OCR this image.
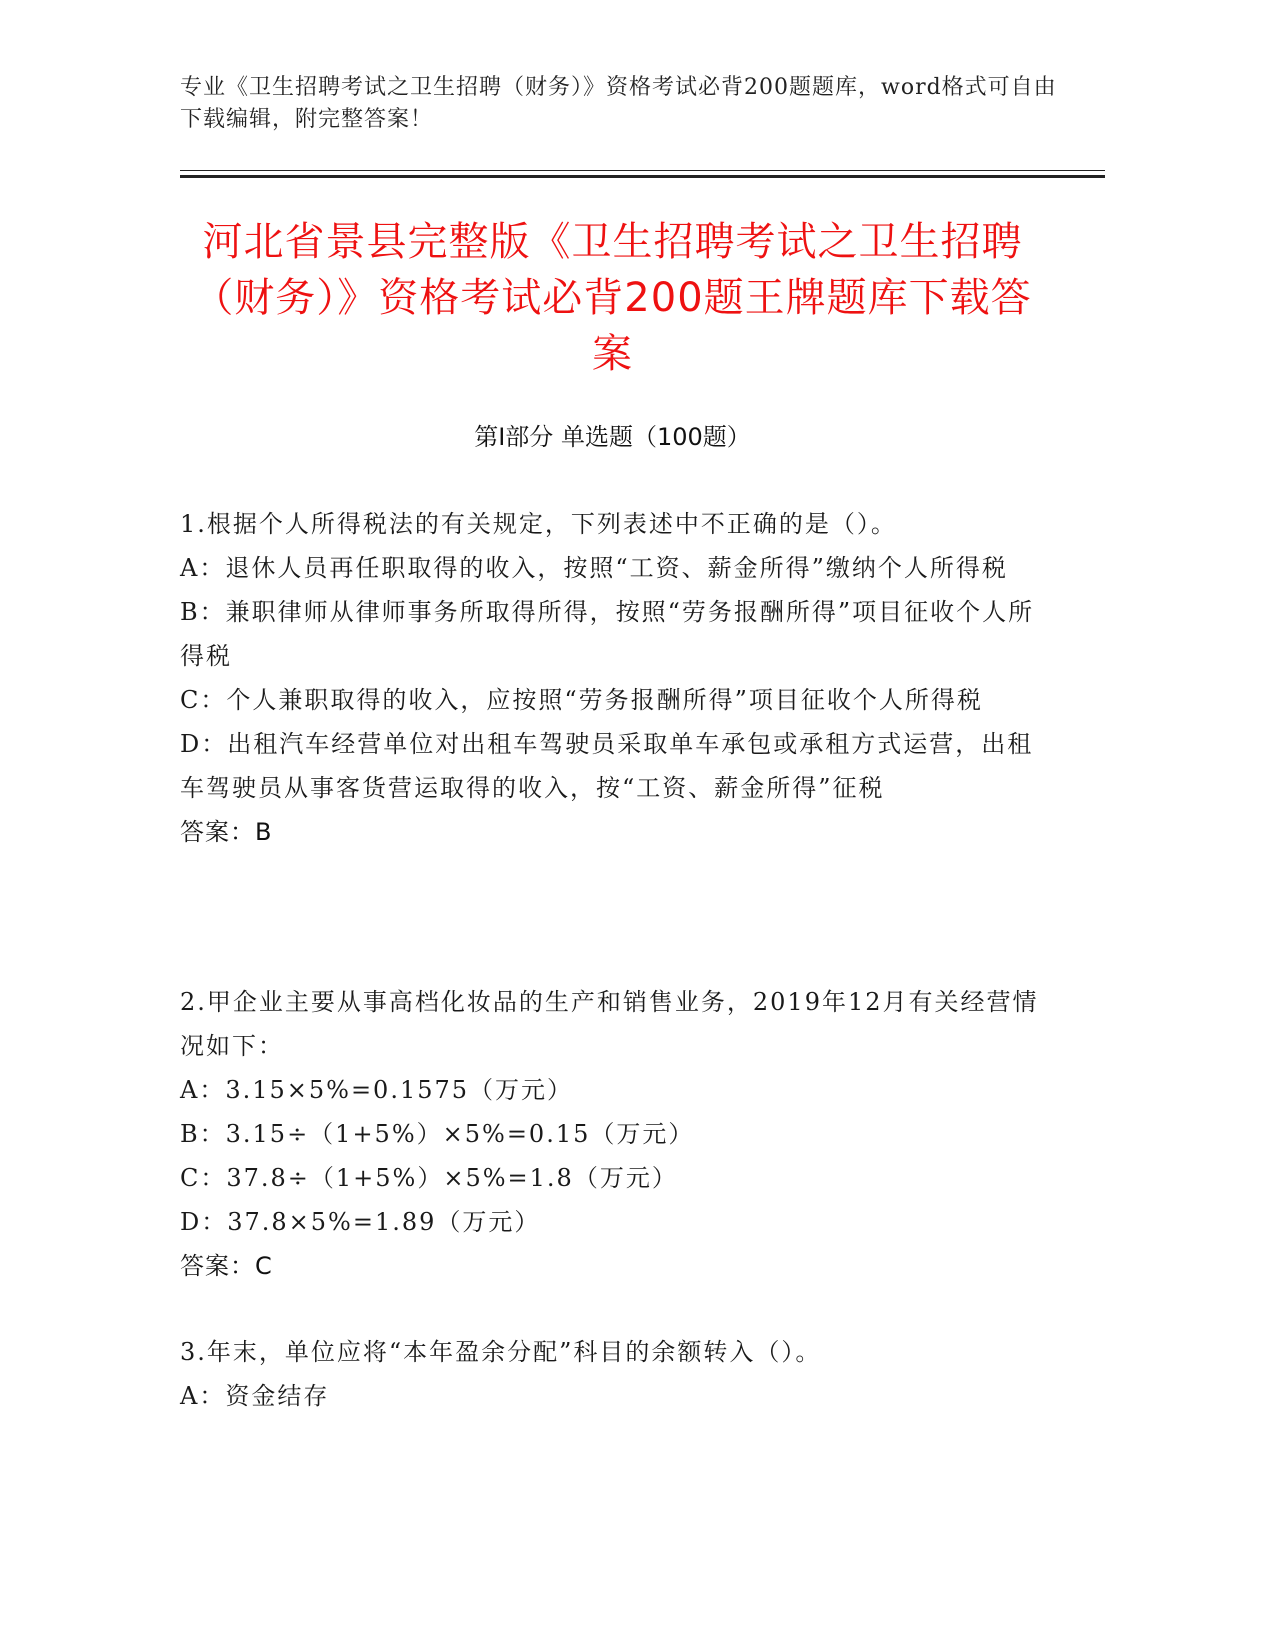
专业《卫生招聘考试之卫生招聘（财务）》资格考试必背200题题库，word格式可自由下载编辑，附完整答案！
河北省景县完整版《卫生招聘考试之卫生招聘（财务）》资格考试必背200题王牌题库下载答案
第I部分 单选题（100题）
1.根据个人所得税法的有关规定，下列表述中不正确的是（）。
A：退休人员再任职取得的收入，按照“工资、薪金所得”缴纳个人所得税
B：兼职律师从律师事务所取得所得，按照“劳务报酬所得”项目征收个人所得税
C：个人兼职取得的收入，应按照“劳务报酬所得”项目征收个人所得税
D：出租汽车经营单位对出租车驾驶员采取单车承包或承租方式运营，出租车驾驶员从事客货营运取得的收入，按“工资、薪金所得”征税
答案：B
2.甲企业主要从事高档化妆品的生产和销售业务，2019年12月有关经营情况如下：
A：3.15×5%=0.1575（万元）
B：3.15÷（1+5%）×5%=0.15（万元）
C：37.8÷（1+5%）×5%=1.8（万元）
D：37.8×5%=1.89（万元）
答案：C
3.年末，单位应将“本年盈余分配”科目的余额转入（）。
A：资金结存
